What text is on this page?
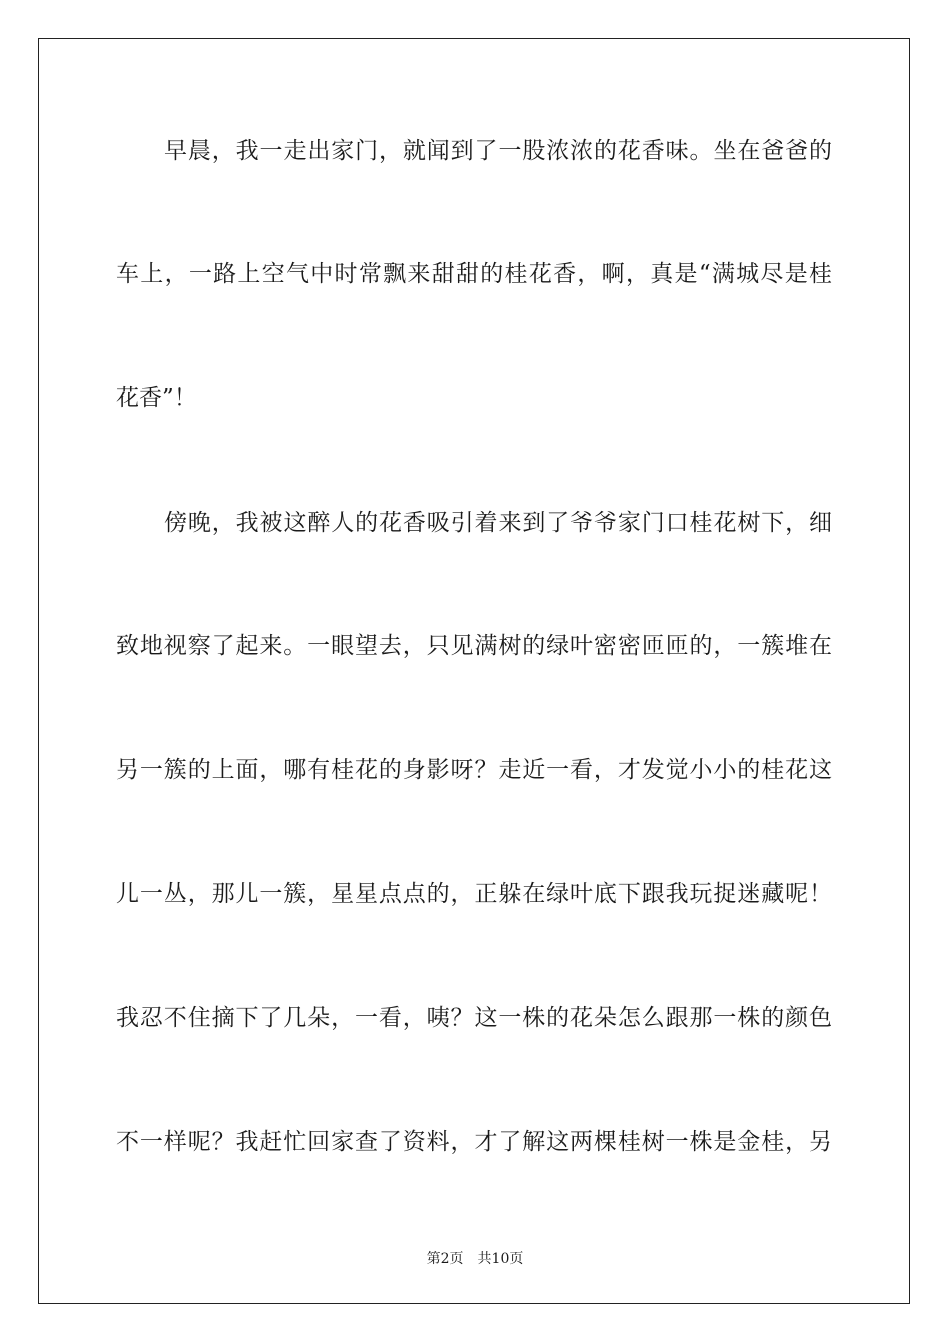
早晨，我一走出家门，就闻到了一股浓浓的花香味。坐在爸爸的
车上，一路上空气中时常飘来甜甜的桂花香，啊，真是“满城尽是桂
花香”！
傍晚，我被这醉人的花香吸引着来到了爷爷家门口桂花树下，细
致地视察了起来。一眼望去，只见满树的绿叶密密匝匝的，一簇堆在
另一簇的上面，哪有桂花的身影呀？走近一看，才发觉小小的桂花这
儿一丛，那儿一簇，星星点点的，正躲在绿叶底下跟我玩捉迷藏呢！
我忍不住摘下了几朵，一看，咦？这一株的花朵怎么跟那一株的颜色
不一样呢？我赶忙回家查了资料，才了解这两棵桂树一株是金桂，另
第2页 共10页
